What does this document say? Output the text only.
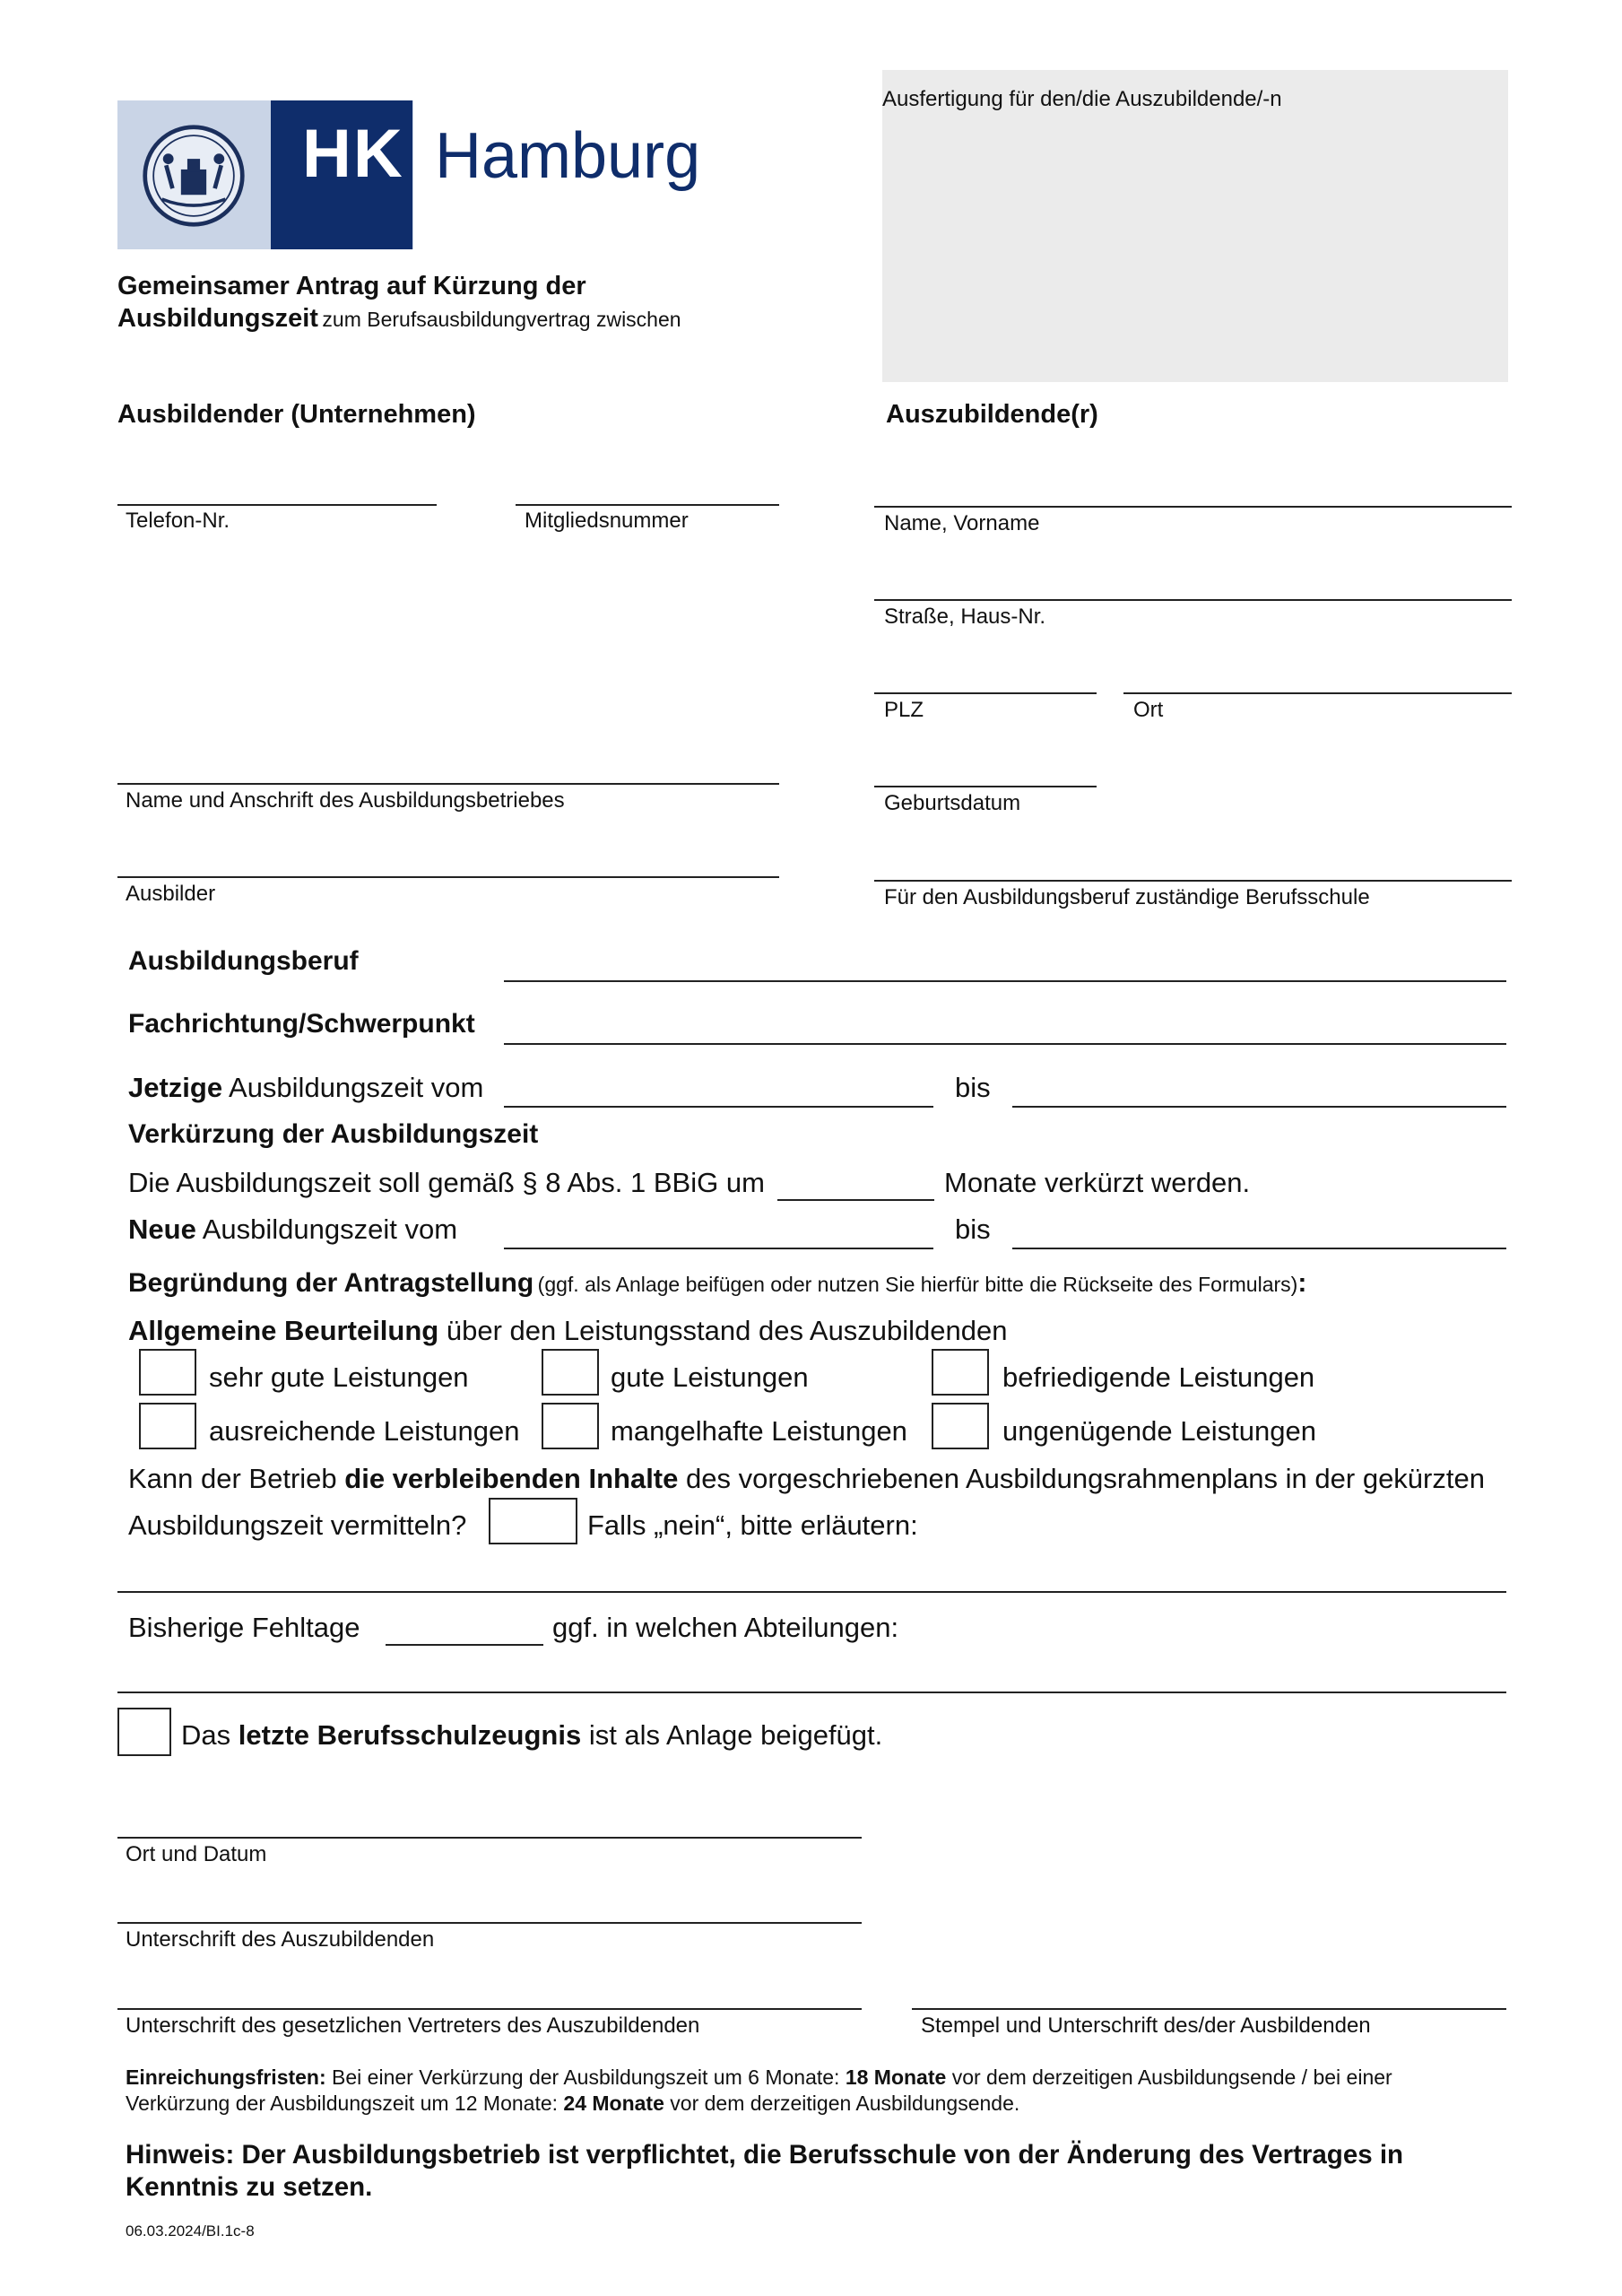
HK Hamburg
Ausfertigung für den/die Auszubildende/-n
Gemeinsamer Antrag auf Kürzung der
Ausbildungszeit zum Berufsausbildungvertrag zwischen
Ausbildender (Unternehmen)	Auszubildende(r)
Telefon-Nr.	Mitgliedsnummer
Name und Anschrift des Ausbildungsbetriebes
Ausbilder
Name, Vorname
Straße, Haus-Nr.
PLZ	Ort
Geburtsdatum
Für den Ausbildungsberuf zuständige Berufsschule
Ausbildungsberuf
Fachrichtung/Schwerpunkt
Jetzige Ausbildungszeit vom	bis
Verkürzung der Ausbildungszeit
Die Ausbildungszeit soll gemäß § 8 Abs. 1 BBiG um	Monate verkürzt werden.
Neue Ausbildungszeit vom	bis
Begründung der Antragstellung (ggf. als Anlage beifügen oder nutzen Sie hierfür bitte die Rückseite des Formulars):
Allgemeine Beurteilung über den Leistungsstand des Auszubildenden
sehr gute Leistungen	gute Leistungen	befriedigende Leistungen
ausreichende Leistungen	mangelhafte Leistungen	ungenügende Leistungen
Kann der Betrieb die verbleibenden Inhalte des vorgeschriebenen Ausbildungsrahmenplans in der gekürzten
Ausbildungszeit vermitteln?	Falls „nein“, bitte erläutern:
Bisherige Fehltage	ggf. in welchen Abteilungen:
Das letzte Berufsschulzeugnis ist als Anlage beigefügt.
Ort und Datum
Unterschrift des Auszubildenden
Unterschrift des gesetzlichen Vertreters des Auszubildenden	Stempel und Unterschrift des/der Ausbildenden
Einreichungsfristen: Bei einer Verkürzung der Ausbildungszeit um 6 Monate: 18 Monate vor dem derzeitigen Ausbildungsende / bei einer
Verkürzung der Ausbildungszeit um 12 Monate: 24 Monate vor dem derzeitigen Ausbildungsende.
Hinweis: Der Ausbildungsbetrieb ist verpflichtet, die Berufsschule von der Änderung des Vertrages in
Kenntnis zu setzen.
06.03.2024/BI.1c-8
